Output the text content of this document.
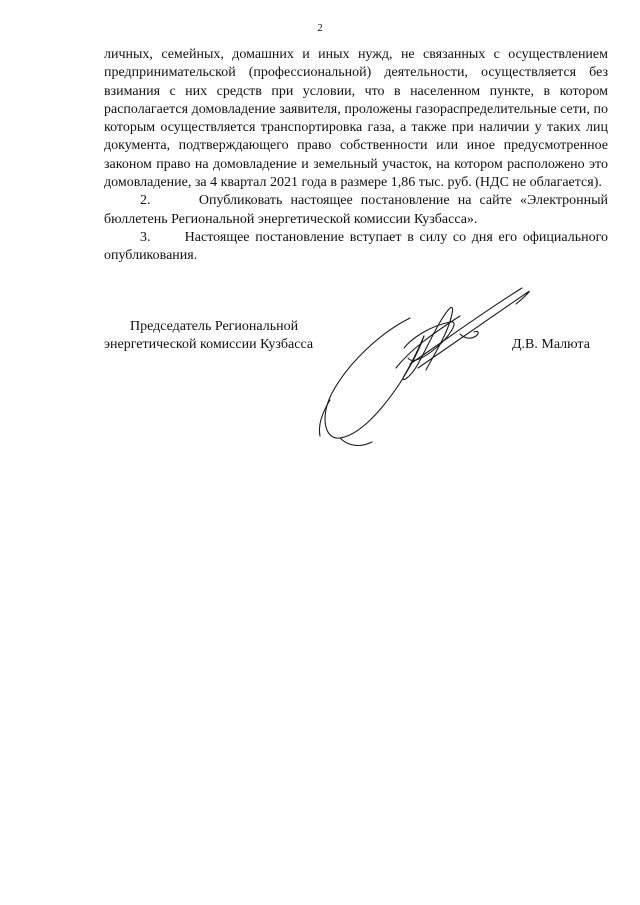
2

личных, семейных, домашних и иных нужд, не связанных с осуществлением предпринимательской (профессиональной) деятельности, осуществляется без взимания с них средств при условии, что в населенном пункте, в котором располагается домовладение заявителя, проложены газораспределительные сети, по которым осуществляется транспортировка газа, а также при наличии у таких лиц документа, подтверждающего право собственности или иное предусмотренное законом право на домовладение и земельный участок, на котором расположено это домовладение, за 4 квартал 2021 года в размере 1,86 тыс. руб. (НДС не облагается).

2.      Опубликовать настоящее постановление на сайте «Электронный бюллетень Региональной энергетической комиссии Кузбасса».

3.      Настоящее постановление вступает в силу со дня его официального опубликования.

Председатель Региональной
энергетической комиссии Кузбасса	Д.В. Малюта
